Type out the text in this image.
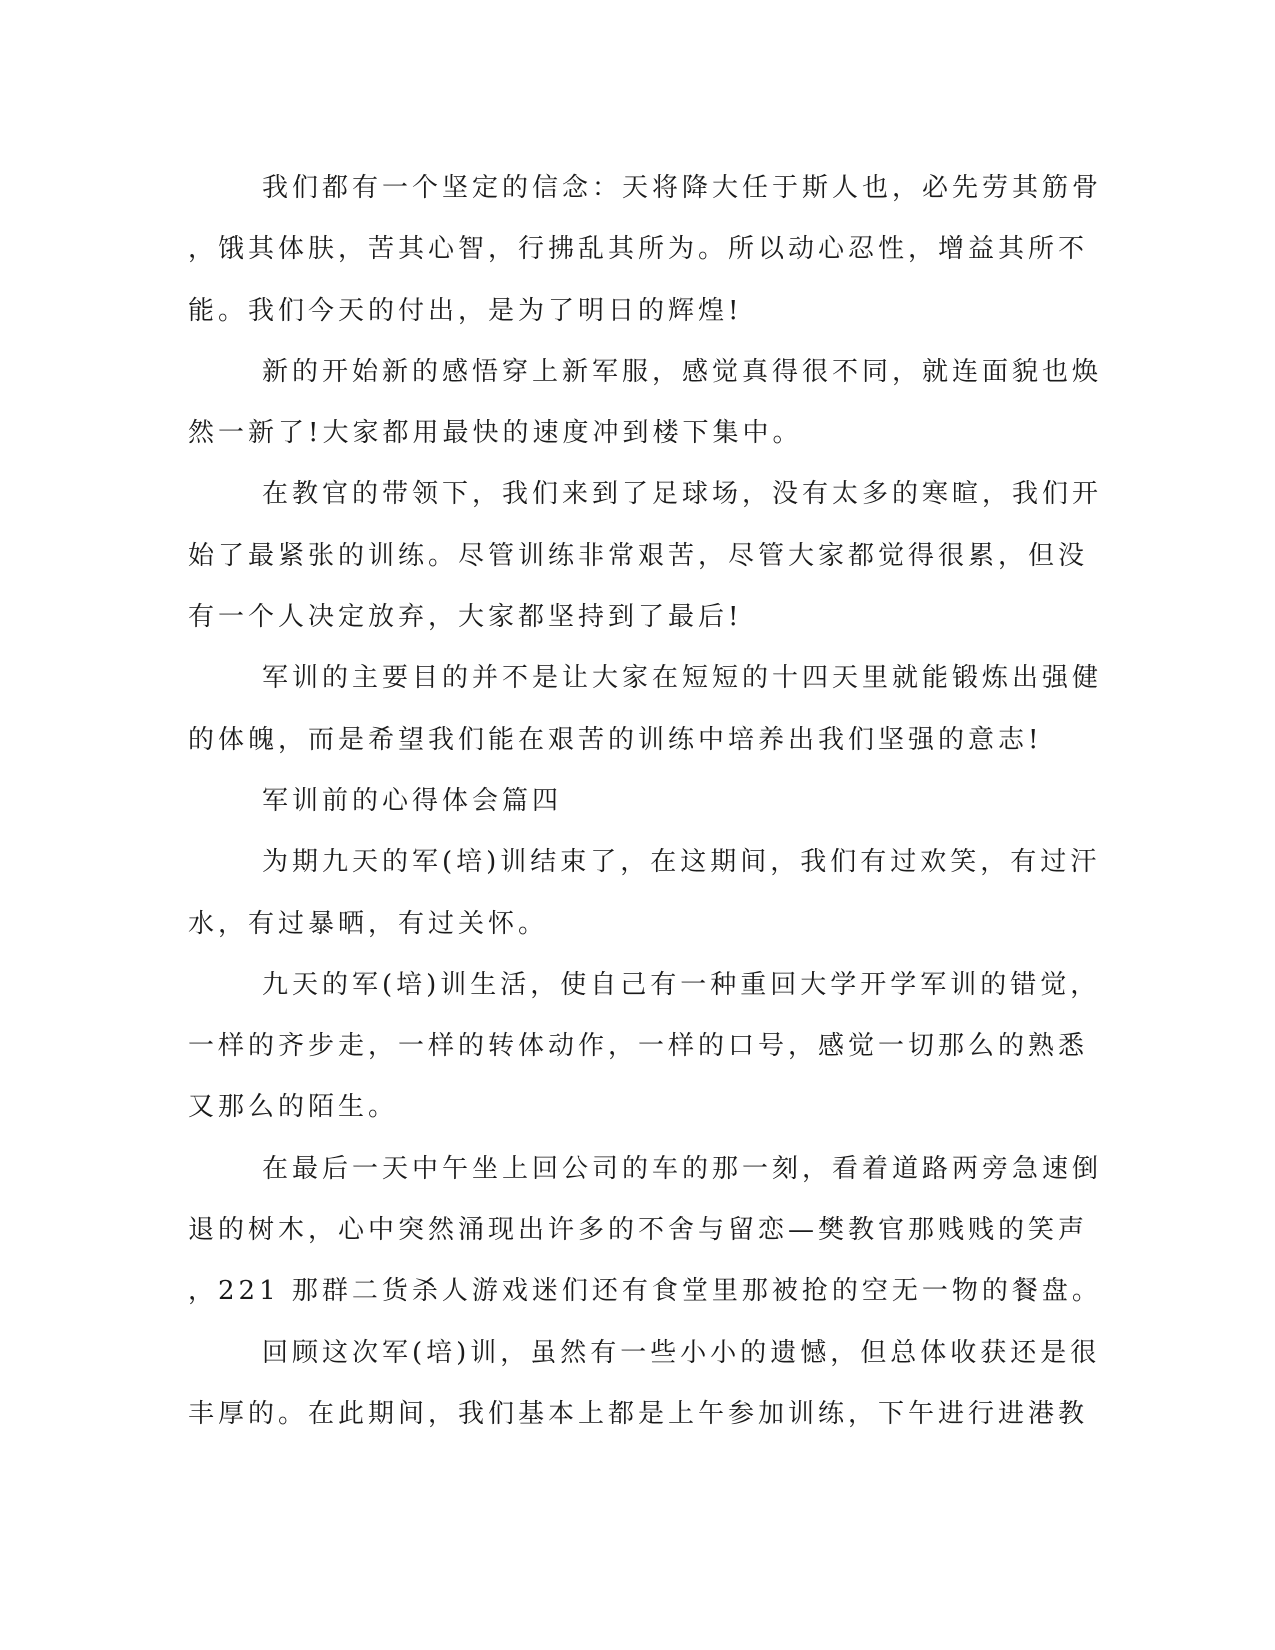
我们都有一个坚定的信念：天将降大任于斯人也，必先劳其筋骨
，饿其体肤，苦其心智，行拂乱其所为。所以动心忍性，增益其所不
能。我们今天的付出，是为了明日的辉煌!
新的开始新的感悟穿上新军服，感觉真得很不同，就连面貌也焕
然一新了!大家都用最快的速度冲到楼下集中。
在教官的带领下，我们来到了足球场，没有太多的寒暄，我们开
始了最紧张的训练。尽管训练非常艰苦，尽管大家都觉得很累，但没
有一个人决定放弃，大家都坚持到了最后!
军训的主要目的并不是让大家在短短的十四天里就能锻炼出强健
的体魄，而是希望我们能在艰苦的训练中培养出我们坚强的意志!
军训前的心得体会篇四
为期九天的军(培)训结束了，在这期间，我们有过欢笑，有过汗
水，有过暴晒，有过关怀。
九天的军(培)训生活，使自己有一种重回大学开学军训的错觉，
一样的齐步走，一样的转体动作，一样的口号，感觉一切那么的熟悉
又那么的陌生。
在最后一天中午坐上回公司的车的那一刻，看着道路两旁急速倒
退的树木，心中突然涌现出许多的不舍与留恋—樊教官那贱贱的笑声
，221 那群二货杀人游戏迷们还有食堂里那被抢的空无一物的餐盘。
回顾这次军(培)训，虽然有一些小小的遗憾，但总体收获还是很
丰厚的。在此期间，我们基本上都是上午参加训练，下午进行进港教
